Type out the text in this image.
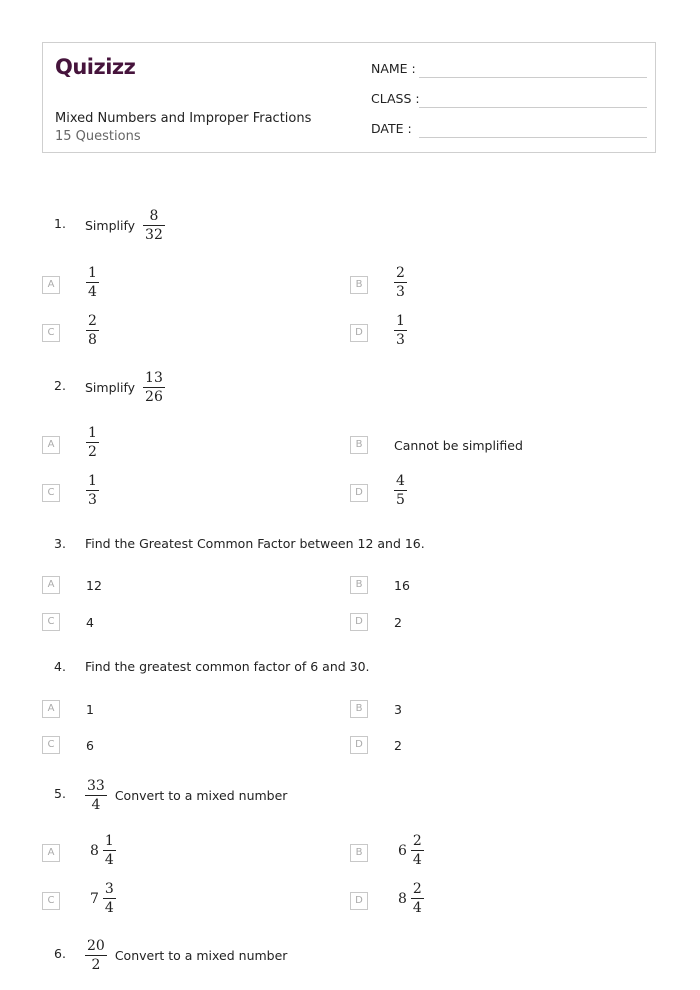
Quizizz
Mixed Numbers and Improper Fractions
15 Questions
NAME :
CLASS :
DATE :
1. Simplify $\frac{8}{32}$
A	$\frac{1}{4}$	B	$\frac{2}{3}$
C	$\frac{2}{8}$	D	$\frac{1}{3}$
2. Simplify $\frac{13}{26}$
A	$\frac{1}{2}$	B	Cannot be simplified
C	$\frac{1}{3}$	D	$\frac{4}{5}$
3. Find the Greatest Common Factor between 12 and 16.
A	12	B	16
C	4	D	2
4. Find the greatest common factor of 6 and 30.
A	1	B	3
C	6	D	2
5. $\frac{33}{4}$ Convert to a mixed number
A	$8 \frac{1}{4}$	B	$6 \frac{2}{4}$
C	$7 \frac{3}{4}$	D	$8 \frac{2}{4}$
6. $\frac{20}{2}$ Convert to a mixed number
